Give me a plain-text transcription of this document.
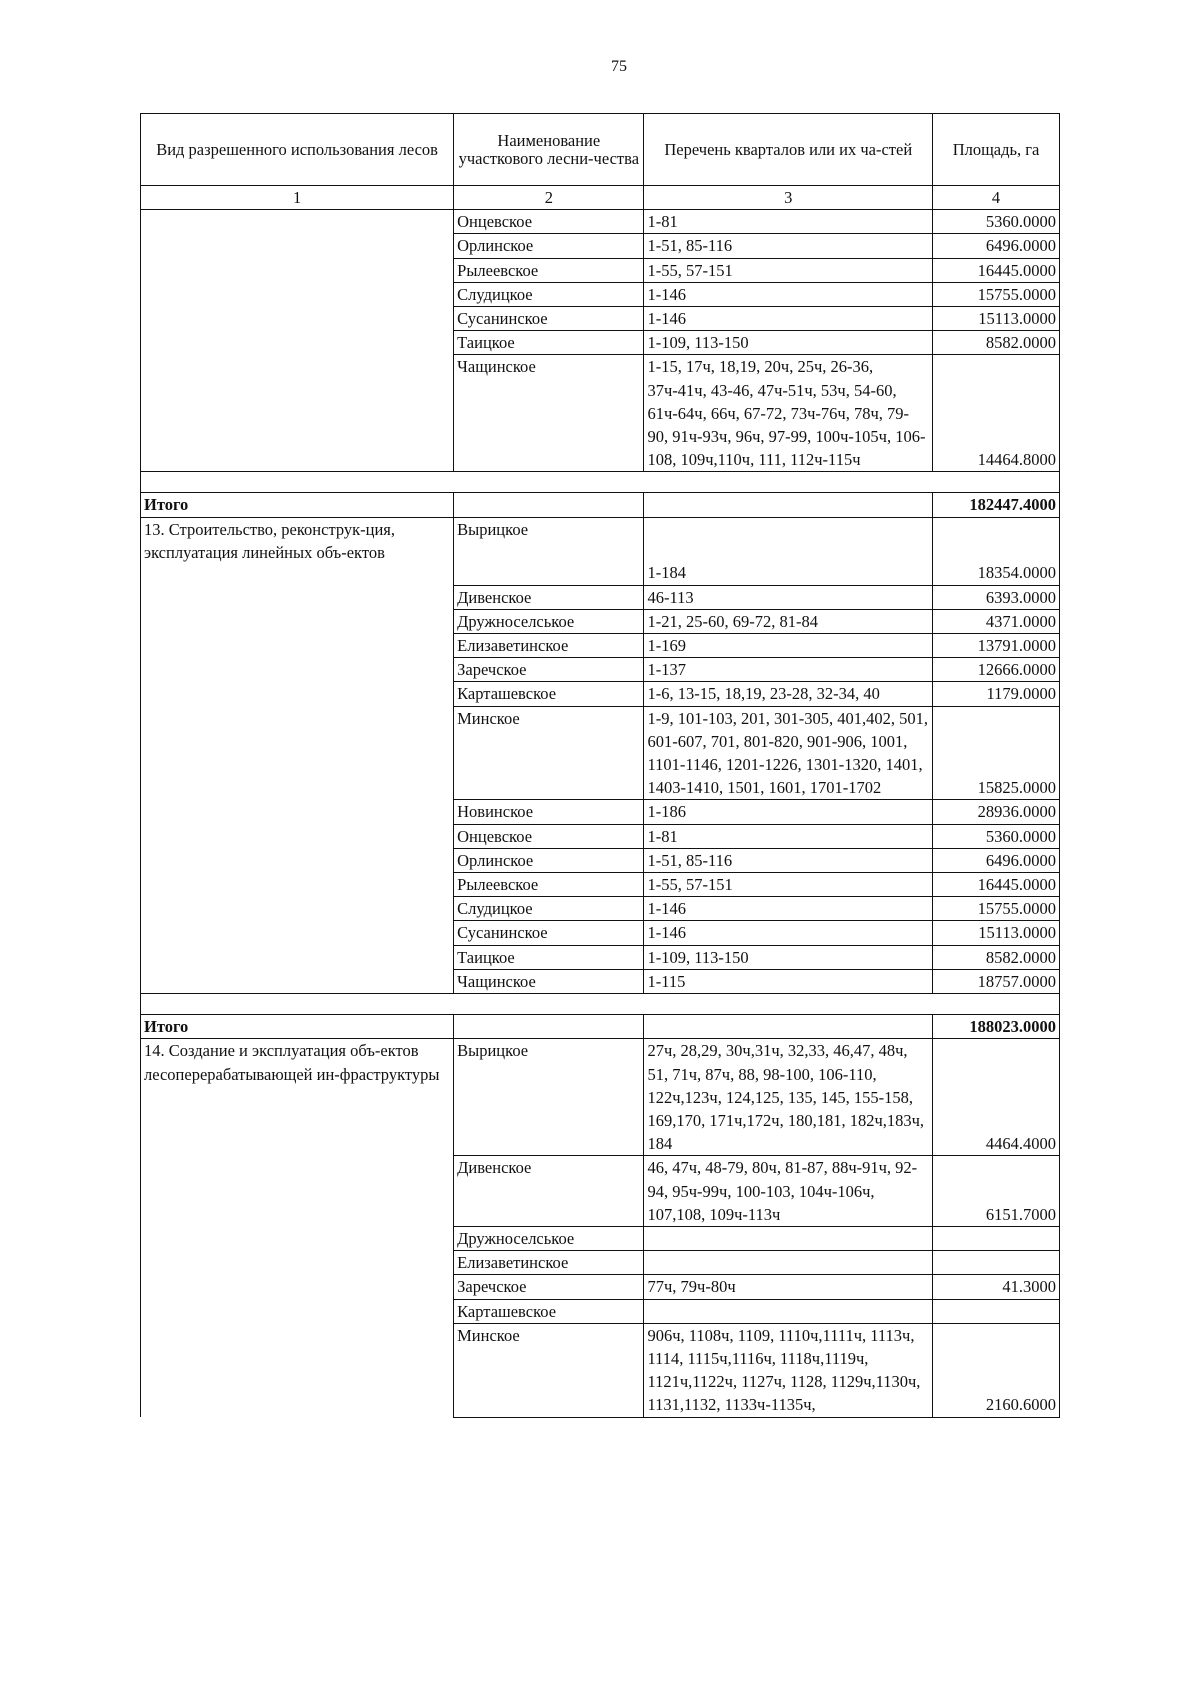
75
Вид разрешенного использования лесов	Наименование участкового лесни-чества	Перечень кварталов или их ча-стей	Площадь, га
1	2	3	4
	Онцевское	1-81	5360.0000
	Орлинское	1-51, 85-116	6496.0000
	Рылеевское	1-55, 57-151	16445.0000
	Слудицкое	1-146	15755.0000
	Сусанинское	1-146	15113.0000
	Таицкое	1-109, 113-150	8582.0000
	Чащинское	1-15, 17ч, 18,19, 20ч, 25ч, 26-36, 37ч-41ч, 43-46, 47ч-51ч, 53ч, 54-60, 61ч-64ч, 66ч, 67-72, 73ч-76ч, 78ч, 79-90, 91ч-93ч, 96ч, 97-99, 100ч-105ч, 106-108, 109ч,110ч, 111, 112ч-115ч	14464.8000

Итого			182447.4000
13. Строительство, реконструк-ция, эксплуатация линейных объ-ектов	Вырицкое	1-184	18354.0000
	Дивенское	46-113	6393.0000
	Дружноселськое	1-21, 25-60, 69-72, 81-84	4371.0000
	Елизаветинское	1-169	13791.0000
	Заречское	1-137	12666.0000
	Карташевское	1-6, 13-15, 18,19, 23-28, 32-34, 40	1179.0000
	Минское	1-9, 101-103, 201, 301-305, 401,402, 501, 601-607, 701, 801-820, 901-906, 1001, 1101-1146, 1201-1226, 1301-1320, 1401, 1403-1410, 1501, 1601, 1701-1702	15825.0000
	Новинское	1-186	28936.0000
	Онцевское	1-81	5360.0000
	Орлинское	1-51, 85-116	6496.0000
	Рылеевское	1-55, 57-151	16445.0000
	Слудицкое	1-146	15755.0000
	Сусанинское	1-146	15113.0000
	Таицкое	1-109, 113-150	8582.0000
	Чащинское	1-115	18757.0000

Итого			188023.0000
14. Создание и эксплуатация объ-ектов лесоперерабатывающей ин-фраструктуры	Вырицкое	27ч, 28,29, 30ч,31ч, 32,33, 46,47, 48ч, 51, 71ч, 87ч, 88, 98-100, 106-110, 122ч,123ч, 124,125, 135, 145, 155-158, 169,170, 171ч,172ч, 180,181, 182ч,183ч, 184	4464.4000
	Дивенское	46, 47ч, 48-79, 80ч, 81-87, 88ч-91ч, 92-94, 95ч-99ч, 100-103, 104ч-106ч, 107,108, 109ч-113ч	6151.7000
	Дружноселськое		
	Елизаветинское		
	Заречское	77ч, 79ч-80ч	41.3000
	Карташевское		
	Минское	906ч, 1108ч, 1109, 1110ч,1111ч, 1113ч, 1114, 1115ч,1116ч, 1118ч,1119ч, 1121ч,1122ч, 1127ч, 1128, 1129ч,1130ч, 1131,1132, 1133ч-1135ч,	2160.6000
